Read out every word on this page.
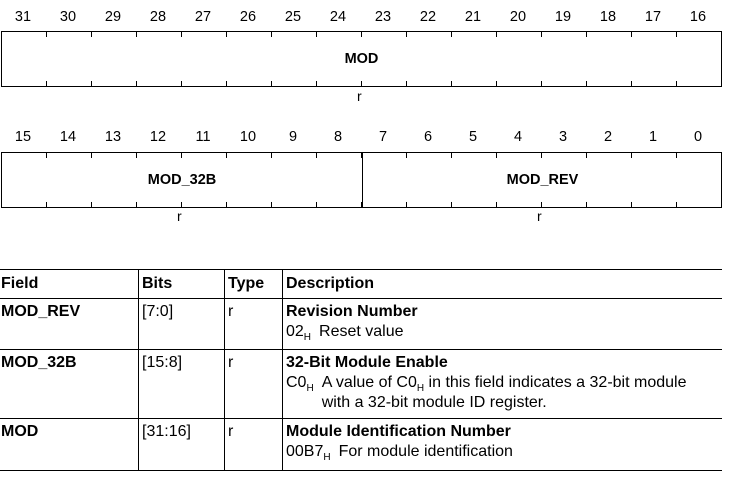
31	30	29	28	27	26	25	24	23	22	21	20	19	18	17	16
MOD
r
15	14	13	12	11	10	9	8	7	6	5	4	3	2	1	0
MOD_32B	MOD_REV
r	r
Field	Bits	Type	Description
MOD_REV	[7:0]	r	Revision Number
$02_H$ Reset value

MOD_32B	[15:8]	r	32-Bit Module Enable
$C0_H$ A value of $C0_H$ in this field indicates a 32-bit module with a 32-bit module ID register.

MOD	[31:16]	r	Module Identification Number
$00B7_H$ For module identification
